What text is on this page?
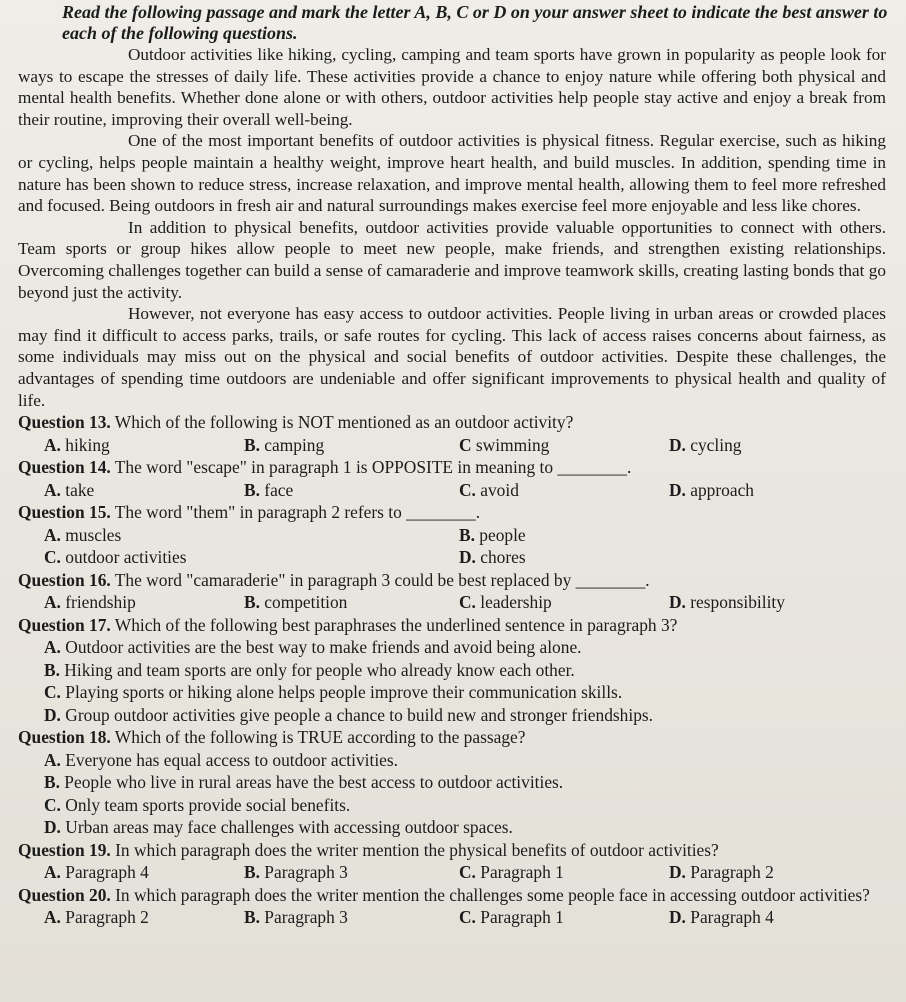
Read the following passage and mark the letter A, B, C or D on your answer sheet to indicate the best answer to each of the following questions.

Outdoor activities like hiking, cycling, camping and team sports have grown in popularity as people look for ways to escape the stresses of daily life. These activities provide a chance to enjoy nature while offering both physical and mental health benefits. Whether done alone or with others, outdoor activities help people stay active and enjoy a break from their routine, improving their overall well-being.

One of the most important benefits of outdoor activities is physical fitness. Regular exercise, such as hiking or cycling, helps people maintain a healthy weight, improve heart health, and build muscles. In addition, spending time in nature has been shown to reduce stress, increase relaxation, and improve mental health, allowing them to feel more refreshed and focused. Being outdoors in fresh air and natural surroundings makes exercise feel more enjoyable and less like chores.

In addition to physical benefits, outdoor activities provide valuable opportunities to connect with others. Team sports or group hikes allow people to meet new people, make friends, and strengthen existing relationships. Overcoming challenges together can build a sense of camaraderie and improve teamwork skills, creating lasting bonds that go beyond just the activity.

However, not everyone has easy access to outdoor activities. People living in urban areas or crowded places may find it difficult to access parks, trails, or safe routes for cycling. This lack of access raises concerns about fairness, as some individuals may miss out on the physical and social benefits of outdoor activities. Despite these challenges, the advantages of spending time outdoors are undeniable and offer significant improvements to physical health and quality of life.

Question 13. Which of the following is NOT mentioned as an outdoor activity?

A. hiking	B. camping	C swimming	D. cycling

Question 14. The word "escape" in paragraph 1 is OPPOSITE in meaning to ________.

A. take	B. face	C. avoid	D. approach

Question 15. The word "them" in paragraph 2 refers to ________.

A. muscles	B. people
C. outdoor activities	D. chores

Question 16. The word "camaraderie" in paragraph 3 could be best replaced by ________.

A. friendship	B. competition	C. leadership	D. responsibility

Question 17. Which of the following best paraphrases the underlined sentence in paragraph 3?

A. Outdoor activities are the best way to make friends and avoid being alone.
B. Hiking and team sports are only for people who already know each other.
C. Playing sports or hiking alone helps people improve their communication skills.
D. Group outdoor activities give people a chance to build new and stronger friendships.

Question 18. Which of the following is TRUE according to the passage?

A. Everyone has equal access to outdoor activities.
B. People who live in rural areas have the best access to outdoor activities.
C. Only team sports provide social benefits.
D. Urban areas may face challenges with accessing outdoor spaces.

Question 19. In which paragraph does the writer mention the physical benefits of outdoor activities?

A. Paragraph 4	B. Paragraph 3	C. Paragraph 1	D. Paragraph 2

Question 20. In which paragraph does the writer mention the challenges some people face in accessing outdoor activities?

A. Paragraph 2	B. Paragraph 3	C. Paragraph 1	D. Paragraph 4
